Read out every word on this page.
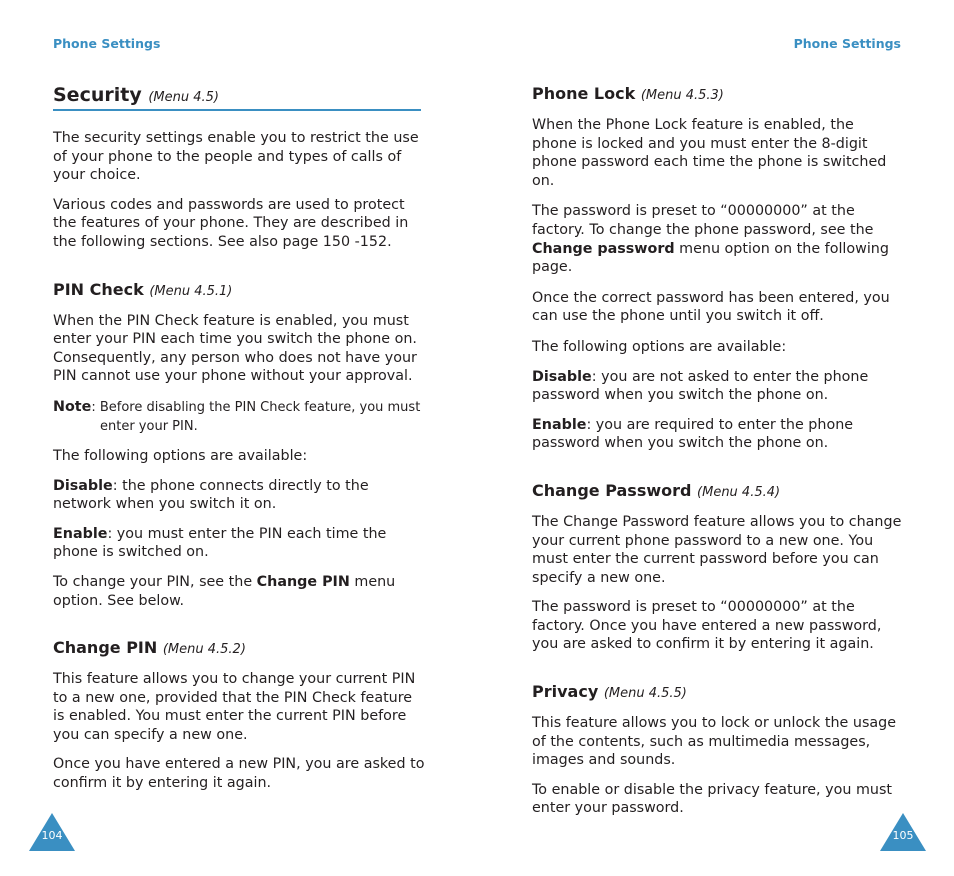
Phone Settings
Security (Menu 4.5)

The security settings enable you to restrict the use of your phone to the people and types of calls of your choice.

Various codes and passwords are used to protect the features of your phone. They are described in the following sections. See also page 150 -152.

PIN Check (Menu 4.5.1)

When the PIN Check feature is enabled, you must enter your PIN each time you switch the phone on. Consequently, any person who does not have your PIN cannot use your phone without your approval.

Note: Before disabling the PIN Check feature, you must enter your PIN.

The following options are available:

Disable: the phone connects directly to the network when you switch it on.

Enable: you must enter the PIN each time the phone is switched on.

To change your PIN, see the Change PIN menu option. See below.

Change PIN (Menu 4.5.2)

This feature allows you to change your current PIN to a new one, provided that the PIN Check feature is enabled. You must enter the current PIN before you can specify a new one.

Once you have entered a new PIN, you are asked to confirm it by entering it again.

104
Phone Settings
Phone Lock (Menu 4.5.3)

When the Phone Lock feature is enabled, the phone is locked and you must enter the 8-digit phone password each time the phone is switched on.

The password is preset to “00000000” at the factory. To change the phone password, see the Change password menu option on the following page.

Once the correct password has been entered, you can use the phone until you switch it off.

The following options are available:

Disable: you are not asked to enter the phone password when you switch the phone on.

Enable: you are required to enter the phone password when you switch the phone on.

Change Password (Menu 4.5.4)

The Change Password feature allows you to change your current phone password to a new one. You must enter the current password before you can specify a new one.

The password is preset to “00000000” at the factory. Once you have entered a new password, you are asked to confirm it by entering it again.

Privacy (Menu 4.5.5)

This feature allows you to lock or unlock the usage of the contents, such as multimedia messages, images and sounds.

To enable or disable the privacy feature, you must enter your password.

105
